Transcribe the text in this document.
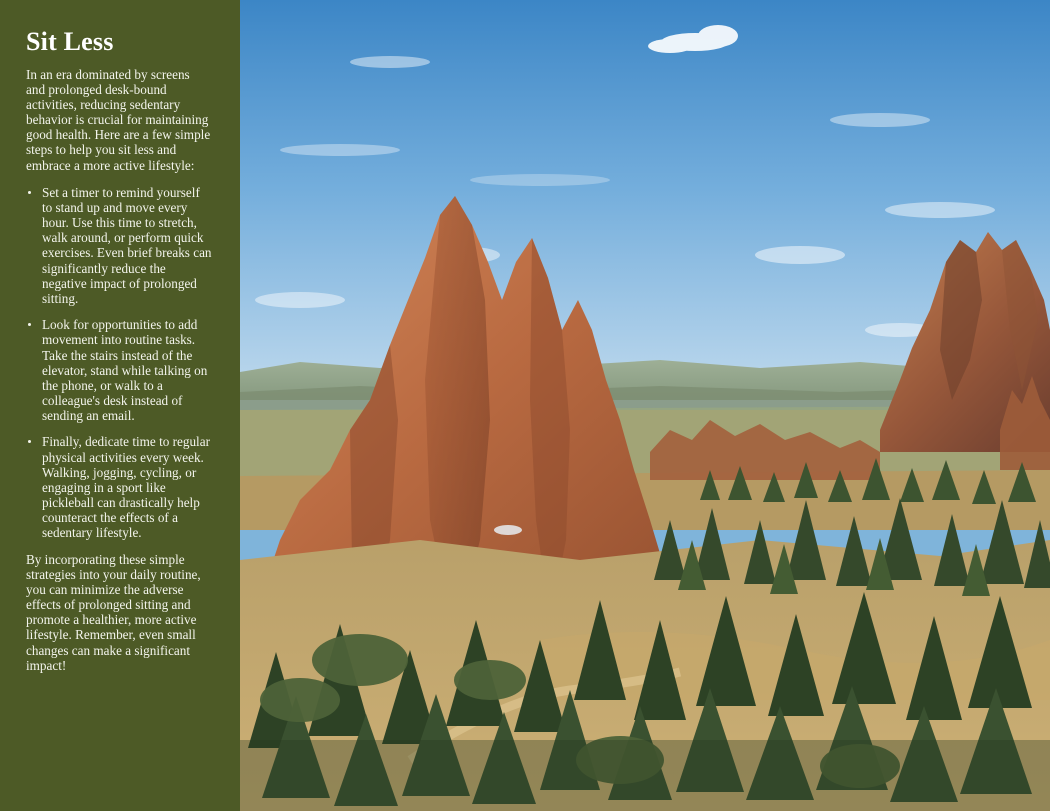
Sit Less

In an era dominated by screens and prolonged desk-bound activities, reducing sedentary behavior is crucial for maintaining good health. Here are a few simple steps to help you sit less and embrace a more active lifestyle:

Set a timer to remind yourself to stand up and move every hour. Use this time to stretch, walk around, or perform quick exercises. Even brief breaks can significantly reduce the negative impact of prolonged sitting.
Look for opportunities to add movement into routine tasks. Take the stairs instead of the elevator, stand while talking on the phone, or walk to a colleague's desk instead of sending an email.
Finally, dedicate time to regular physical activities every week. Walking, jogging, cycling, or engaging in a sport like pickleball can drastically help counteract the effects of a sedentary lifestyle.

By incorporating these simple strategies into your daily routine, you can minimize the adverse effects of prolonged sitting and promote a healthier, more active lifestyle. Remember, even small changes can make a significant impact!
